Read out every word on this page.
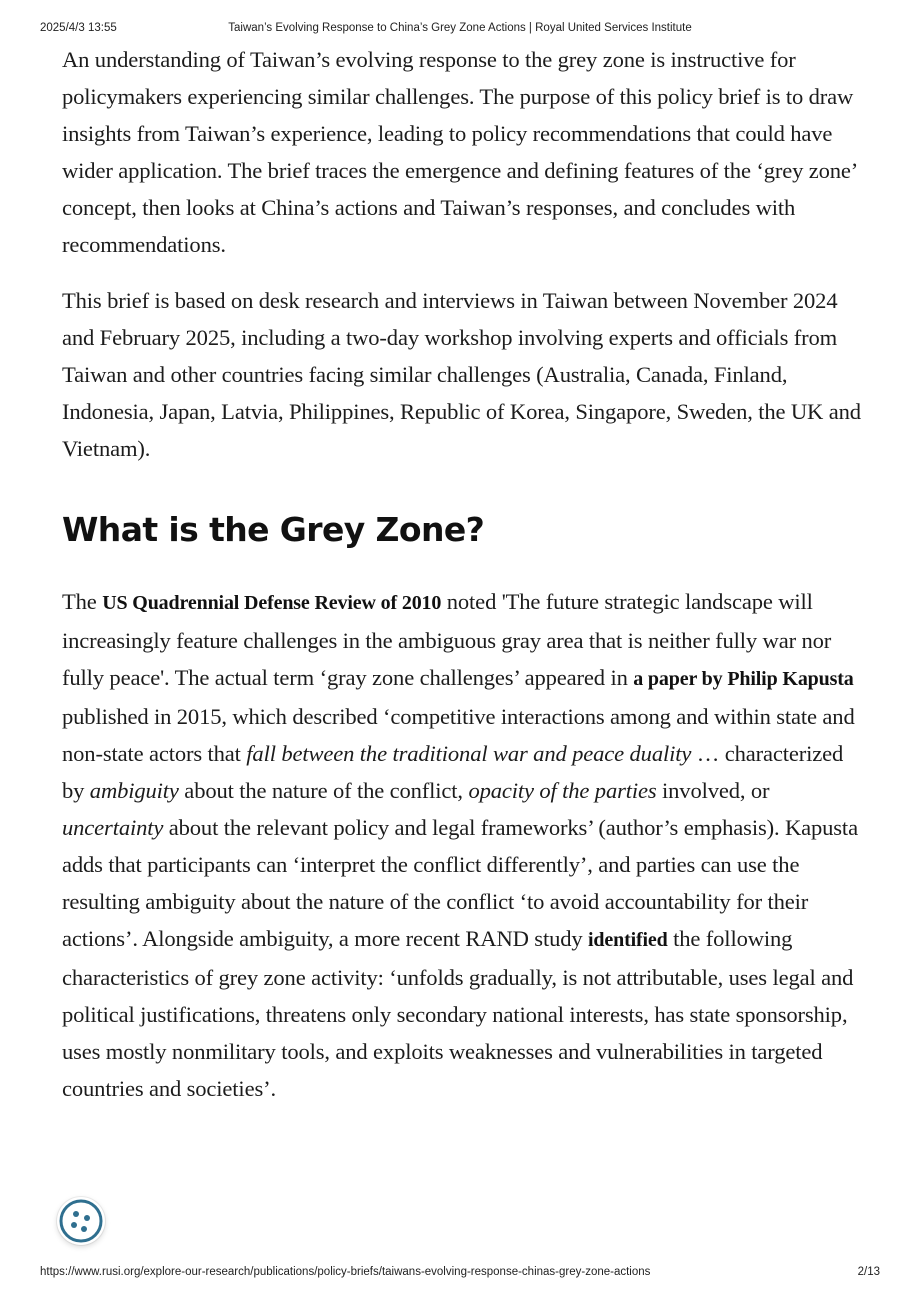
2025/4/3 13:55	Taiwan’s Evolving Response to China’s Grey Zone Actions | Royal United Services Institute

An understanding of Taiwan’s evolving response to the grey zone is instructive for policymakers experiencing similar challenges. The purpose of this policy brief is to draw insights from Taiwan’s experience, leading to policy recommendations that could have wider application. The brief traces the emergence and defining features of the ‘grey zone’ concept, then looks at China’s actions and Taiwan’s responses, and concludes with recommendations.

This brief is based on desk research and interviews in Taiwan between November 2024 and February 2025, including a two-day workshop involving experts and officials from Taiwan and other countries facing similar challenges (Australia, Canada, Finland, Indonesia, Japan, Latvia, Philippines, Republic of Korea, Singapore, Sweden, the UK and Vietnam).

What is the Grey Zone?

The US Quadrennial Defense Review of 2010 noted 'The future strategic landscape will increasingly feature challenges in the ambiguous gray area that is neither fully war nor fully peace'. The actual term ‘gray zone challenges’ appeared in a paper by Philip Kapusta published in 2015, which described ‘competitive interactions among and within state and non-state actors that fall between the traditional war and peace duality … characterized by ambiguity about the nature of the conflict, opacity of the parties involved, or uncertainty about the relevant policy and legal frameworks’ (author’s emphasis). Kapusta adds that participants can ‘interpret the conflict differently’, and parties can use the resulting ambiguity about the nature of the conflict ‘to avoid accountability for their actions’. Alongside ambiguity, a more recent RAND study identified the following characteristics of grey zone activity: ‘unfolds gradually, is not attributable, uses legal and political justifications, threatens only secondary national interests, has state sponsorship, uses mostly nonmilitary tools, and exploits weaknesses and vulnerabilities in targeted countries and societies’.

https://www.rusi.org/explore-our-research/publications/policy-briefs/taiwans-evolving-response-chinas-grey-zone-actions	2/13
